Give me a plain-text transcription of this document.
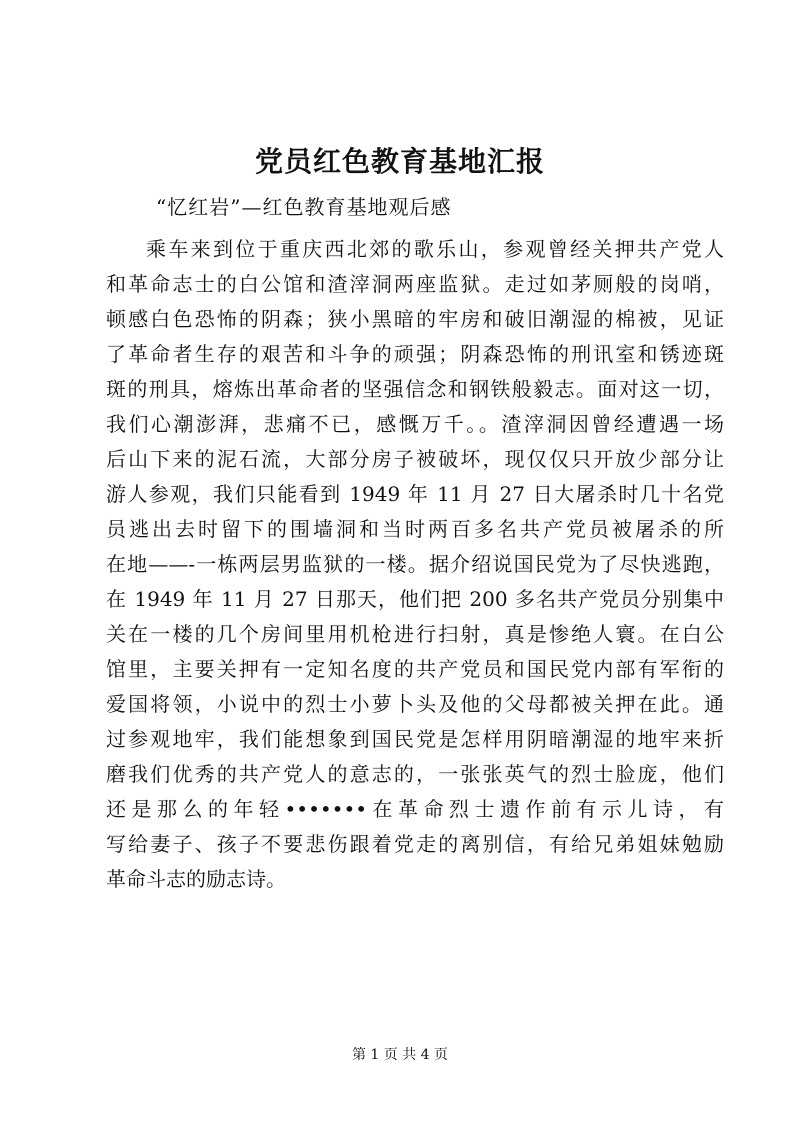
党员红色教育基地汇报
“忆红岩”—红色教育基地观后感
乘车来到位于重庆西北郊的歌乐山，参观曾经关押共产党人
和革命志士的白公馆和渣滓洞两座监狱。走过如茅厕般的岗哨，
顿感白色恐怖的阴森；狭小黑暗的牢房和破旧潮湿的棉被，见证
了革命者生存的艰苦和斗争的顽强；阴森恐怖的刑讯室和锈迹斑
斑的刑具，熔炼出革命者的坚强信念和钢铁般毅志。面对这一切，
我们心潮澎湃，悲痛不已，感慨万千。。渣滓洞因曾经遭遇一场
后山下来的泥石流，大部分房子被破坏，现仅仅只开放少部分让
游人参观，我们只能看到 1949 年 11 月 27 日大屠杀时几十名党
员逃出去时留下的围墙洞和当时两百多名共产党员被屠杀的所
在地——-一栋两层男监狱的一楼。据介绍说国民党为了尽快逃跑，
在 1949 年 11 月 27 日那天，他们把 200 多名共产党员分别集中
关在一楼的几个房间里用机枪进行扫射，真是惨绝人寰。在白公
馆里，主要关押有一定知名度的共产党员和国民党内部有军衔的
爱国将领，小说中的烈士小萝卜头及他的父母都被关押在此。通
过参观地牢，我们能想象到国民党是怎样用阴暗潮湿的地牢来折
磨我们优秀的共产党人的意志的，一张张英气的烈士脸庞，他们
还是那么的年轻•••••••在革命烈士遗作前有示儿诗，有
写给妻子、孩子不要悲伤跟着党走的离别信，有给兄弟姐妹勉励
革命斗志的励志诗。
第 1 页 共 4 页
